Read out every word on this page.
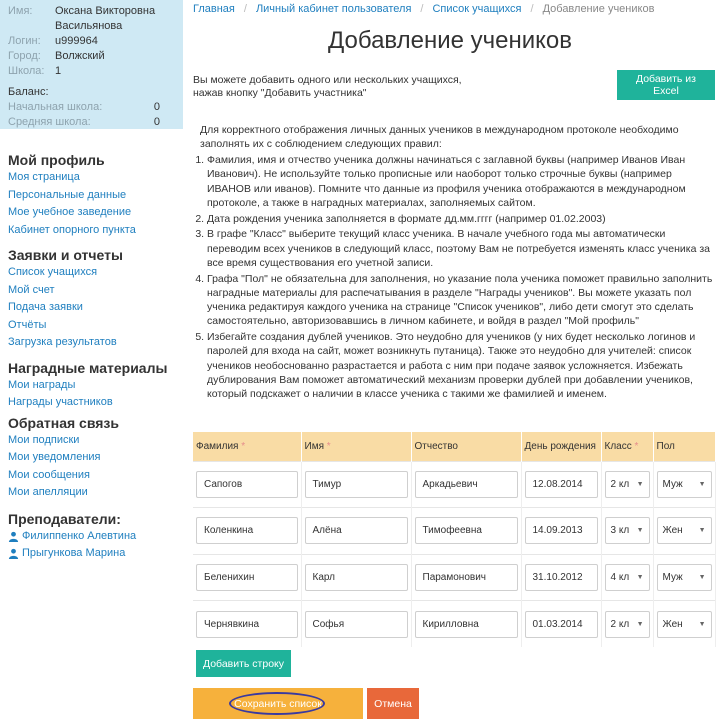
Имя:	Оксана Викторовна Васильянова
Логин:	u999964
Город:	Волжский
Школа: 1
Баланс:
Начальная школа:	0
Средняя школа:	0
Мой профиль
Моя страница
Персональные данные
Мое учебное заведение
Кабинет опорного пункта
Заявки и отчеты
Список учащихся
Мой счет
Подача заявки
Отчёты
Загрузка результатов
Наградные материалы
Мои награды
Награды участников
Обратная связь
Мои подписки
Мои уведомления
Мои сообщения
Мои апелляции
Преподаватели:
Филиппенко Алевтина
Прыгункова Марина
Главная / Личный кабинет пользователя / Список учащихся / Добавление учеников
Добавление учеников
Вы можете добавить одного или нескольких учащихся, нажав кнопку "Добавить участника"
Добавить из Excel
Для корректного отображения личных данных учеников в международном протоколе необходимо заполнять их с соблюдением следующих правил:
1. Фамилия, имя и отчество ученика должны начинаться с заглавной буквы (например Иванов Иван Иванович). Не используйте только прописные или наоборот только строчные буквы (например ИВАНОВ или иванов). Помните что данные из профиля ученика отображаются в международном протоколе, а также в наградных материалах, заполняемых сайтом.
2. Дата рождения ученика заполняется в формате дд.мм.гггг (например 01.02.2003)
3. В графе "Класс" выберите текущий класс ученика. В начале учебного года мы автоматически переводим всех учеников в следующий класс, поэтому Вам не потребуется изменять класс ученика за все время существования его учетной записи.
4. Графа "Пол" не обязательна для заполнения, но указание пола ученика поможет правильно заполнить наградные материалы для распечатывания в разделе "Награды учеников". Вы можете указать пол ученика редактируя каждого ученика на странице "Список учеников", либо дети смогут это сделать самостоятельно, авторизовавшись в личном кабинете, и войдя в раздел "Мой профиль"
5. Избегайте создания дублей учеников. Это неудобно для учеников (у них будет несколько логинов и паролей для входа на сайт, может возникнуть путаница). Также это неудобно для учителей: список учеников необоснованно разрастается и работа с ним при подаче заявок усложняется. Избежать дублирования Вам поможет автоматический механизм проверки дублей при добавлении учеников, который подскажет о наличии в классе ученика с такими же фамилией и именем.
Фамилия *	Имя *	Отчество	День рождения	Класс *	Пол

Сапогов	Тимур	Аркадьевич	12.08.2014	2 кл ▼	Муж ▼

Коленкина	Алёна	Тимофеевна	14.09.2013	3 кл ▼	Жен ▼

Беленихин	Карл	Парамонович	31.10.2012	4 кл ▼	Муж ▼

Чернявкина	Софья	Кирилловна	01.03.2014	2 кл ▼	Жен ▼
Добавить строку
Сохранить список	Отмена
